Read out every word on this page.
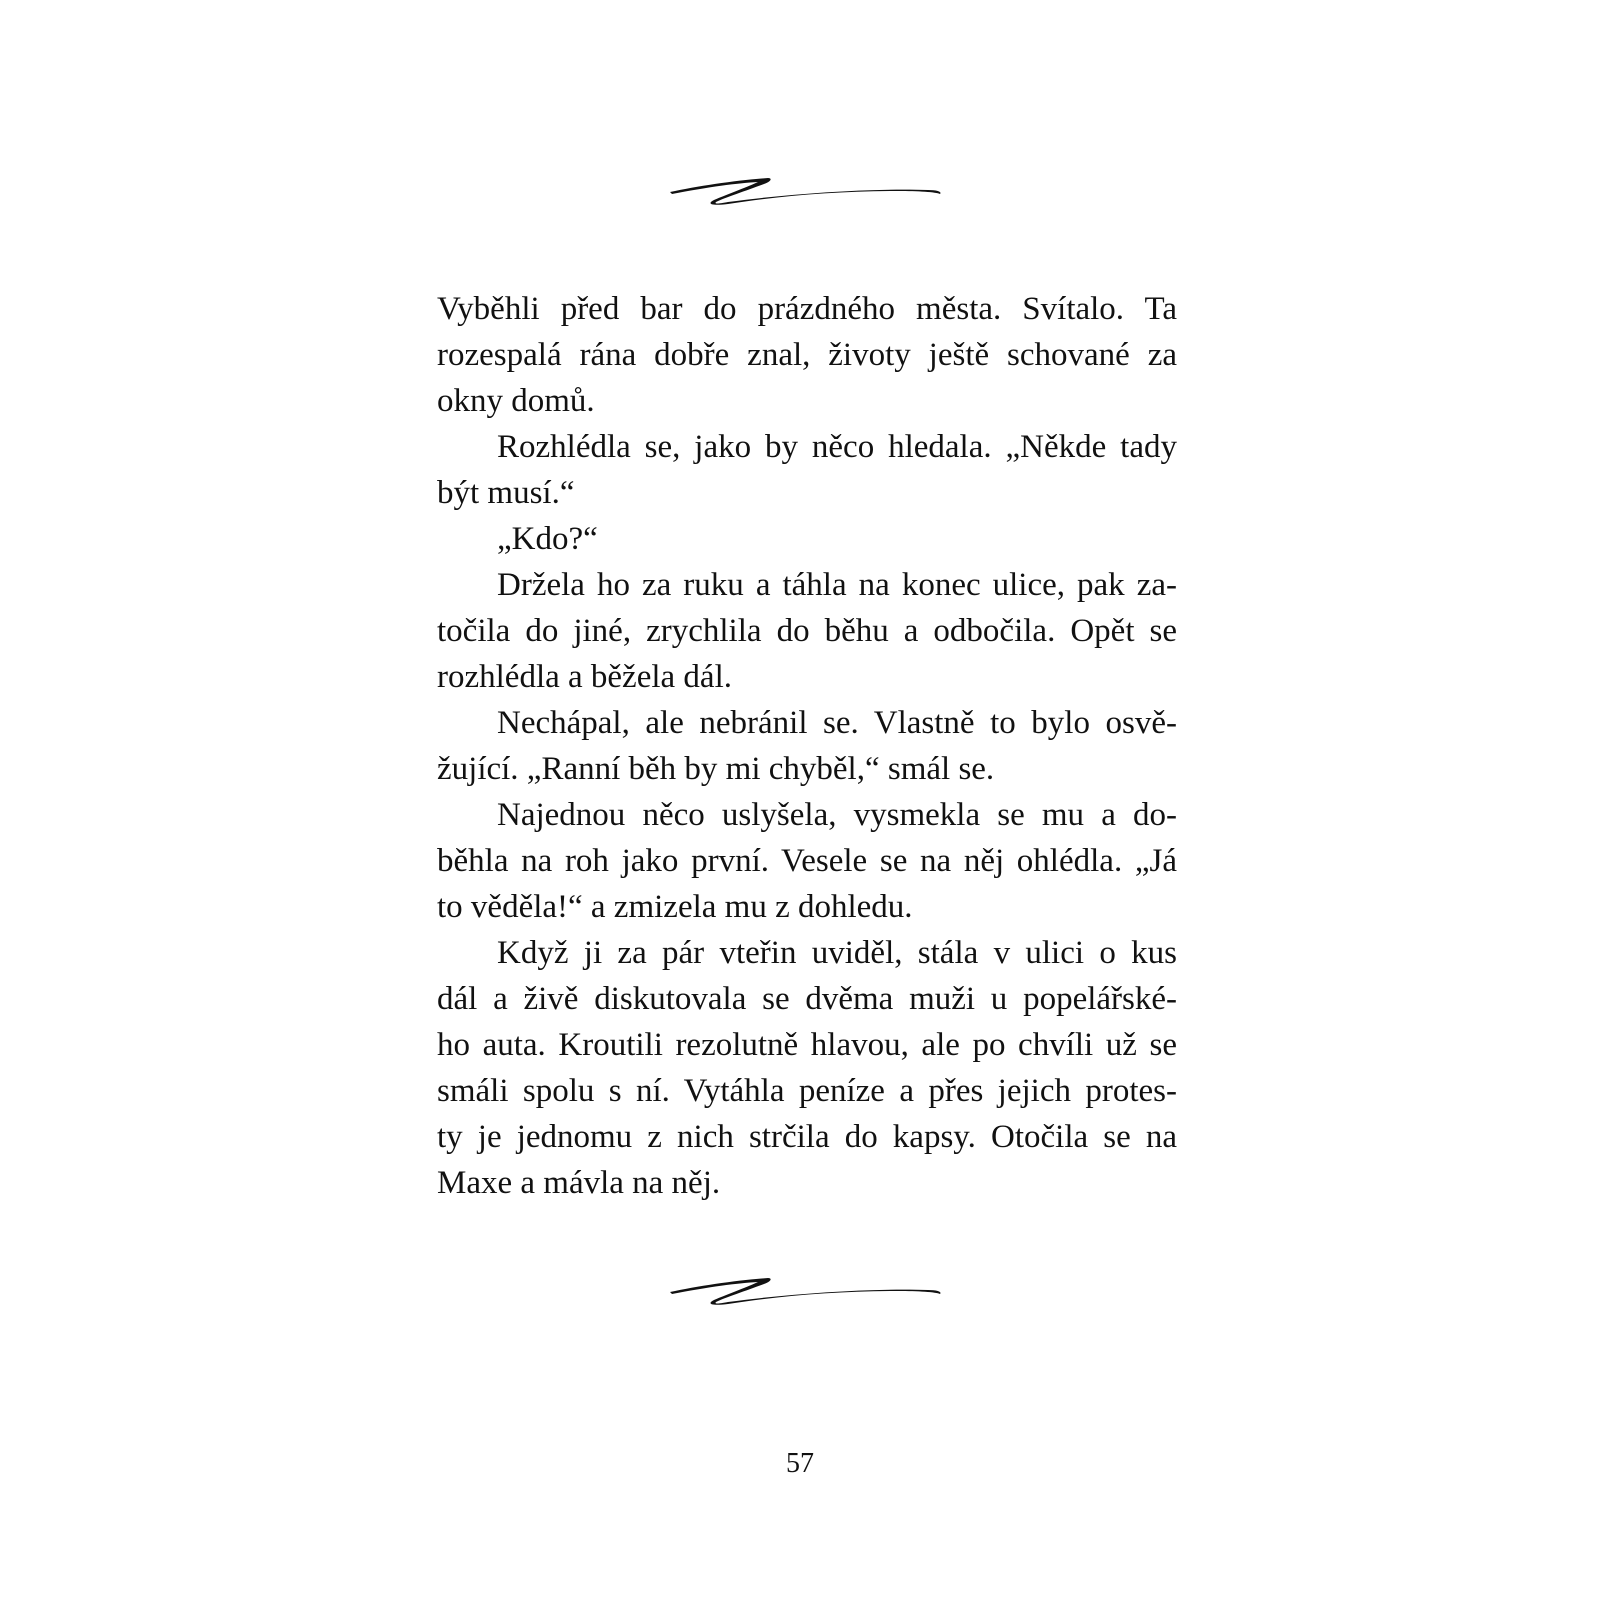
Vyběhli před bar do prázdného města. Svítalo. Ta
rozespalá rána dobře znal, životy ještě schované za
okny domů.
Rozhlédla se, jako by něco hledala. „Někde tady
být musí.“
„Kdo?“
Držela ho za ruku a táhla na konec ulice, pak za-
točila do jiné, zrychlila do běhu a odbočila. Opět se
rozhlédla a běžela dál.
Nechápal, ale nebránil se. Vlastně to bylo osvě-
žující. „Ranní běh by mi chyběl,“ smál se.
Najednou něco uslyšela, vysmekla se mu a do-
běhla na roh jako první. Vesele se na něj ohlédla. „Já
to věděla!“ a zmizela mu z dohledu.
Když ji za pár vteřin uviděl, stála v ulici o kus
dál a živě diskutovala se dvěma muži u popelářské-
ho auta. Kroutili rezolutně hlavou, ale po chvíli už se
smáli spolu s ní. Vytáhla peníze a přes jejich protes-
ty je jednomu z nich strčila do kapsy. Otočila se na
Maxe a mávla na něj.
57
